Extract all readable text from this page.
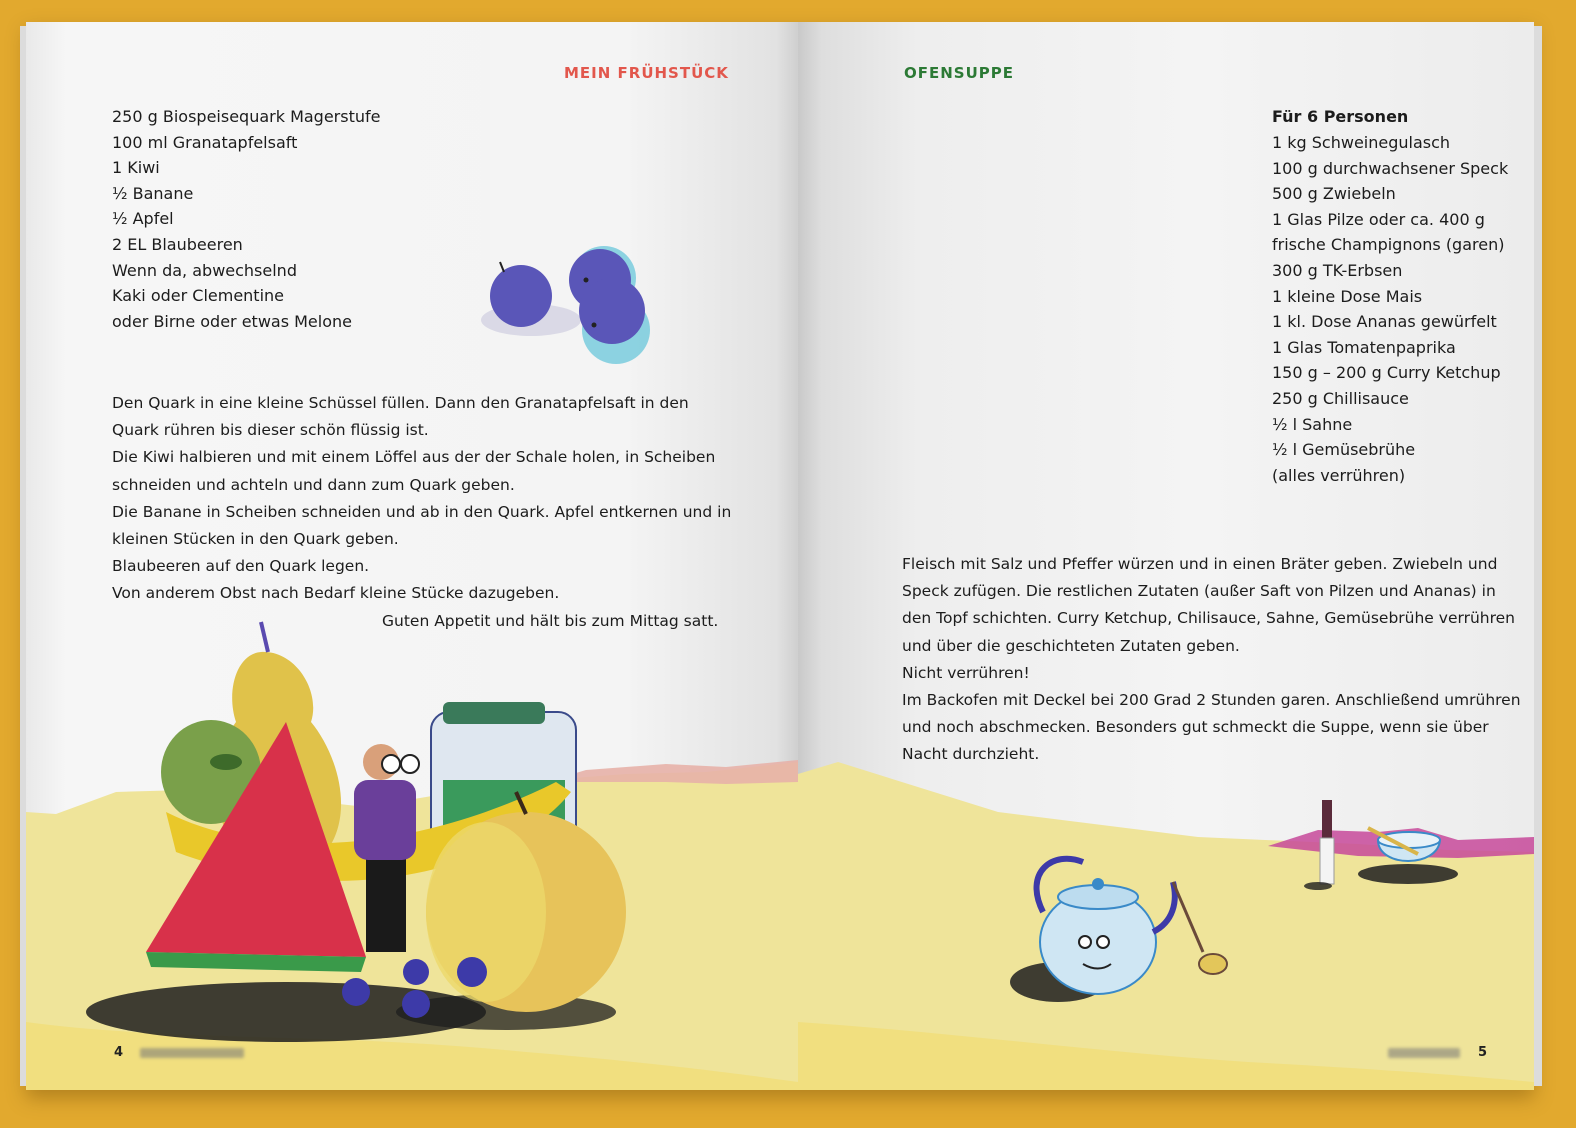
MEIN FRÜHSTÜCK
250 g Biospeisequark Magerstufe
100 ml Granatapfelsaft
1 Kiwi
½ Banane
½ Apfel
2 EL Blaubeeren
Wenn da, abwechselnd
Kaki oder Clementine
oder Birne oder etwas Melone
Den Quark in eine kleine Schüssel füllen. Dann den Granatapfelsaft in den
Quark rühren bis dieser schön flüssig ist.
Die Kiwi halbieren und mit einem Löffel aus der der Schale holen, in Scheiben
schneiden und achteln und dann zum Quark geben.
Die Banane in Scheiben schneiden und ab in den Quark. Apfel entkernen und in
kleinen Stücken in den Quark geben.
Blaubeeren auf den Quark legen.
Von anderem Obst nach Bedarf kleine Stücke dazugeben.
Guten Appetit und hält bis zum Mittag satt.
4
OFENSUPPE
Für 6 Personen
1 kg Schweinegulasch
100 g durchwachsener Speck
500 g Zwiebeln
1 Glas Pilze oder ca. 400 g
frische Champignons (garen)
300 g TK-Erbsen
1 kleine Dose Mais
1 kl. Dose Ananas gewürfelt
1 Glas Tomatenpaprika
150 g – 200 g Curry Ketchup
250 g Chillisauce
½ l Sahne
½ l Gemüsebrühe
(alles verrühren)
Fleisch mit Salz und Pfeffer würzen und in einen Bräter geben. Zwiebeln und
Speck zufügen. Die restlichen Zutaten (außer Saft von Pilzen und Ananas) in
den Topf schichten. Curry Ketchup, Chilisauce, Sahne, Gemüsebrühe verrühren
und über die geschichteten Zutaten geben.
Nicht verrühren!
Im Backofen mit Deckel bei 200 Grad 2 Stunden garen. Anschließend umrühren
und noch abschmecken. Besonders gut schmeckt die Suppe, wenn sie über
Nacht durchzieht.
5
